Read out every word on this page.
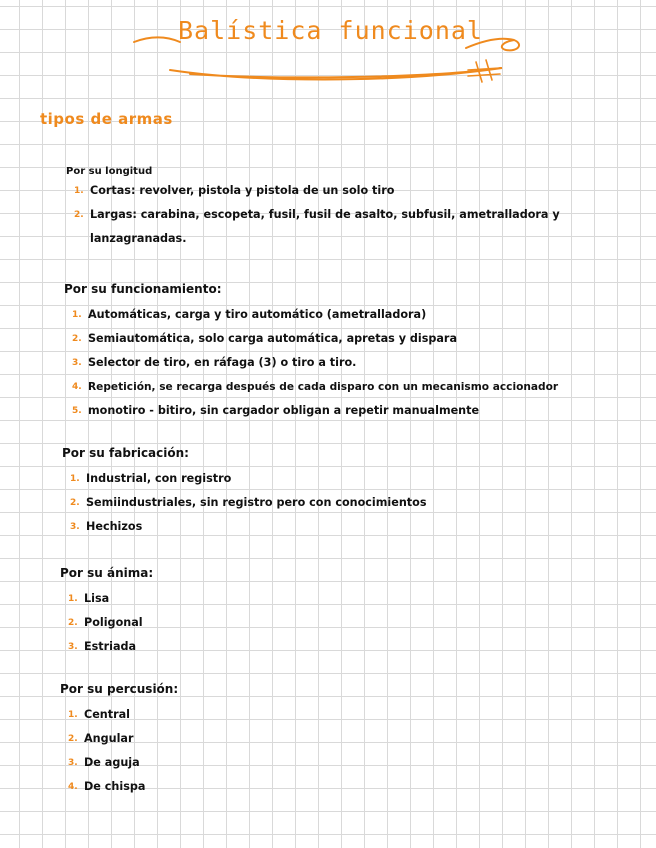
Balística funcional
tipos de armas
Por su longitud
1. Cortas: revolver, pistola y pistola de un solo tiro
2. Largas: carabina, escopeta, fusil, fusil de asalto, subfusil, ametralladora y lanzagranadas.
Por su funcionamiento:
1. Automáticas, carga y tiro automático (ametralladora)
2. Semiautomática, solo carga automática, apretas y dispara
3. Selector de tiro, en ráfaga (3) o tiro a tiro.
4. Repetición, se recarga después de cada disparo con un mecanismo accionador
5. monotiro - bitiro, sin cargador obligan a repetir manualmente
Por su fabricación:
1. Industrial, con registro
2. Semiindustriales, sin registro pero con conocimientos
3. Hechizos
Por su ánima:
1. Lisa
2. Poligonal
3. Estriada
Por su percusión:
1. Central
2. Angular
3. De aguja
4. De chispa
